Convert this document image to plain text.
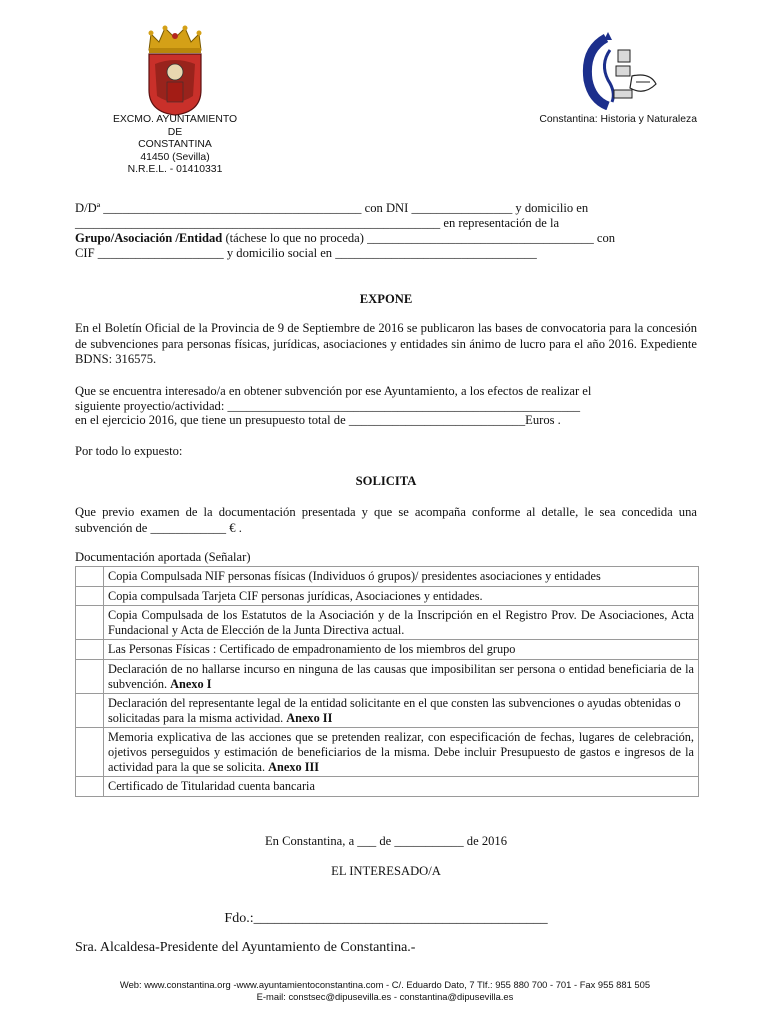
EXCMO. AYUNTAMIENTO
DE
CONSTANTINA
41450 (Sevilla)
N.R.E.L. - 01410331
Constantina: Historia y Naturaleza
D/Dª _________________________________________ con DNI ________________ y domicilio en
__________________________________________________________ en representación de la
Grupo/Asociación /Entidad (táchese lo que no proceda) ____________________________________ con
CIF ____________________ y domicilio social en ________________________________
EXPONE
En el Boletín Oficial de la Provincia de 9 de Septiembre de 2016 se publicaron las bases de convocatoria para la concesión de subvenciones para personas físicas, jurídicas, asociaciones y entidades sin ánimo de lucro para el año 2016. Expediente BDNS: 316575.
Que se encuentra interesado/a en obtener subvención por ese Ayuntamiento, a los efectos de realizar el
siguiente proyectio/actividad: ________________________________________________________
en el ejercicio 2016, que tiene un presupuesto total de ____________________________Euros .
Por todo lo expuesto:
SOLICITA
Que previo examen de la documentación presentada y que se acompaña conforme al detalle, le sea concedida una subvención de ____________ € .
Documentación aportada (Señalar)
	Copia Compulsada NIF personas físicas (Individuos ó grupos)/ presidentes asociaciones y entidades
	Copia compulsada Tarjeta CIF personas jurídicas, Asociaciones y entidades.
	Copia Compulsada de los Estatutos de la Asociación y de la Inscripción en el Registro Prov. De Asociaciones, Acta Fundacional y Acta de Elección de la Junta Directiva actual.
	Las Personas Físicas : Certificado de empadronamiento de los miembros del grupo
	Declaración de no hallarse incurso en ninguna de las causas que imposibilitan ser persona o entidad beneficiaria de la subvención. Anexo I
	Declaración del representante legal de la entidad solicitante en el que consten las subvenciones o ayudas obtenidas o solicitadas para la misma actividad. Anexo II
	Memoria explicativa de las acciones que se pretenden realizar, con especificación de fechas, lugares de celebración, ojetivos perseguidos y estimación de beneficiarios de la misma. Debe incluir Presupuesto de gastos e ingresos de la actividad para la que se solicita. Anexo III
	Certificado de Titularidad cuenta bancaria
En Constantina, a ___ de ___________ de 2016
EL INTERESADO/A
Fdo.:__________________________________________
Sra. Alcaldesa-Presidente del Ayuntamiento de Constantina.-
Web: www.constantina.org -www.ayuntamientoconstantina.com - C/. Eduardo Dato, 7 Tlf.: 955 880 700 - 701 - Fax 955 881 505
E-mail: constsec@dipusevilla.es - constantina@dipusevilla.es
